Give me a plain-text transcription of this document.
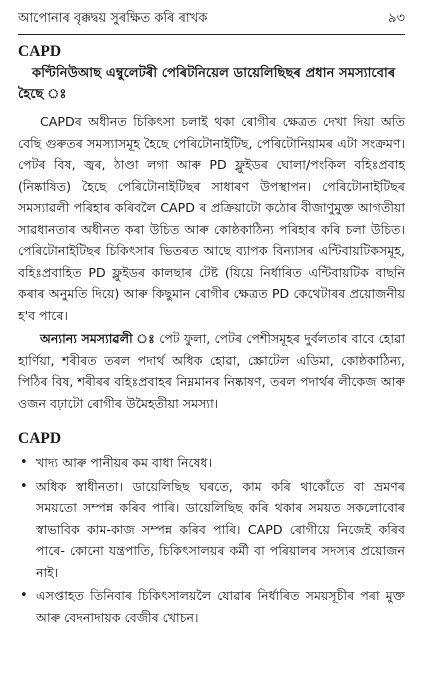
আপোনাৰ বৃক্কদ্বয় সুৰক্ষিত কৰি ৰাখক	৯৩
CAPD

কণ্টিনিউআছ এম্বুলেটৰী পেৰিটনিয়েল ডায়েলিছিছৰ প্ৰধান সমস্যাবোৰ হৈছে ঃ

CAPDৰ অধীনত চিকিৎসা চলাই থকা ৰোগীৰ ক্ষেত্ৰত দেখা দিয়া অতি বেছি গুৰুতৰ সমস্যাসমূহ হৈছে পেৰিটোনাইটিছ, পেৰিটোনিয়ামৰ এটা সংক্ৰমণ। পেটৰ বিষ, জ্বৰ, ঠাণ্ডা লগা আৰু PD ফ্লুইডৰ ঘোলা/পংকিল বহিঃপ্ৰবাহ (নিষ্কাষিত) হৈছে পেৰিটোনাইটিছৰ সাধাৰণ উপস্থাপন। পেৰিটোনাইটিছৰ সমস্যাৱলী পৰিহাৰ কৰিবলৈ CAPD ৰ প্ৰক্ৰিয়াটো কঠোৰ বীজাণুমুক্ত আগতীয়া সাৱধানতাৰ অধীনত কৰা উচিত আৰু কোষ্ঠকাঠিন্য পৰিহাৰ কৰি চলা উচিত। পেৰিটোনাইটিছৰ চিকিৎসাৰ ভিতৰত আছে ব্যাপক বিন্যাসৰ এন্টিবায়টিকসমূহ, বহিঃপ্ৰবাহিত PD ফ্লুইডৰ কালছাৰ টেষ্ট (যিয়ে নিৰ্ধাৰিত এন্টিবায়টিক বাছনি কৰাৰ অনুমতি দিয়ে) আৰু কিছুমান ৰোগীৰ ক্ষেত্ৰত PD কেথেটাৰৰ প্ৰয়োজনীয় হ'ব পাৰে।

অন্যান্য সমস্যাৱলী ঃ পেট ফুলা, পেটৰ পেশীসমূহৰ দুৰ্বলতাৰ বাবে হোৱা হাৰ্ণিয়া, শৰীৰত তৰল পদাৰ্থ অধিক হোৱা, স্ক্ৰোটেল এডিমা, কোষ্ঠকাঠিন্য, পিঠিৰ বিষ, শৰীৰৰ বহিঃপ্ৰবাহৰ নিম্নমানৰ নিষ্কাষণ, তৰল পদাৰ্থৰ লীকেজ আৰু ওজন বঢ়াটো ৰোগীৰ উমৈহতীয়া সমস্যা।

CAPD
• খাদ্য আৰু পানীয়ৰ কম বাধা নিষেধ।
• অধিক স্বাধীনতা। ডায়েলিছিছ ঘৰতে, কাম কৰি থাকোঁতে বা ভ্ৰমণৰ সময়তো সম্পন্ন কৰিব পাৰি। ডায়েলিছিছ কৰি থকাৰ সময়ত সকলোবোৰ স্বাভাবিক কাম-কাজ সম্পন্ন কৰিব পাৰি। CAPD ৰোগীয়ে নিজেই কৰিব পাৰে- কোনো যন্ত্ৰপাতি, চিকিৎসালয়ৰ কৰ্মী বা পৰিয়ালৰ সদস্যৰ প্ৰয়োজন নাই।
• এসপ্তাহত তিনিবাৰ চিকিৎসালয়লৈ যোৱাৰ নিৰ্ধাৰিত সময়সূচীৰ পৰা মুক্ত আৰু বেদনাদায়ক বেজীৰ খোচন।
